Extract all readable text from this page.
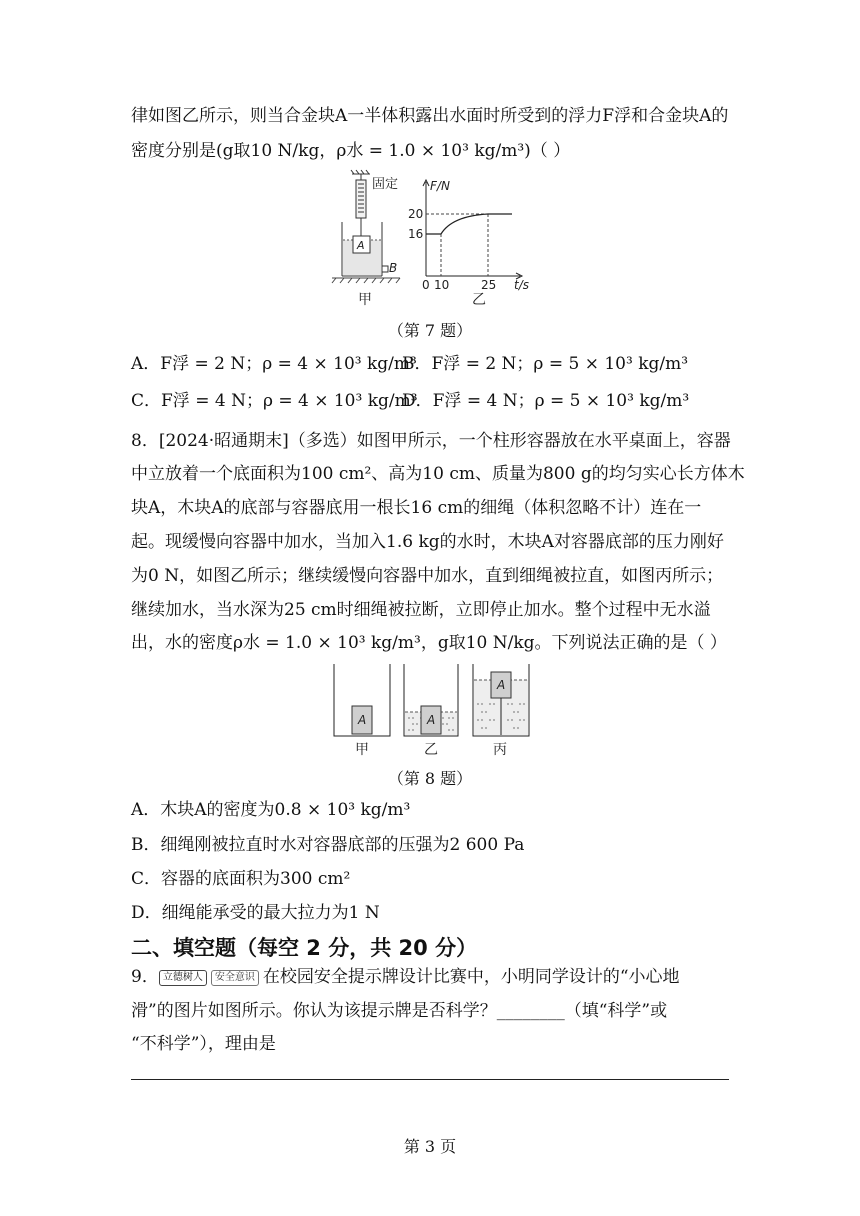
律如图乙所示，则当合金块A一半体积露出水面时所受到的浮力F浮和合金块A的
密度分别是(g取10 N/kg，ρ水 = 1.0 × 10³ kg/m³)（ ）
固定
A
B
甲
F/N
20
16
0 10	25 t/s
乙
（第 7 题）
A．F浮 = 2 N；ρ = 4 × 10³ kg/m³
B．F浮 = 2 N；ρ = 5 × 10³ kg/m³
C．F浮 = 4 N；ρ = 4 × 10³ kg/m³
D．F浮 = 4 N；ρ = 5 × 10³ kg/m³
8．[2024·昭通期末]（多选）如图甲所示，一个柱形容器放在水平桌面上，容器
中立放着一个底面积为100 cm²、高为10 cm、质量为800 g的均匀实心长方体木
块A，木块A的底部与容器底用一根长16 cm的细绳（体积忽略不计）连在一
起。现缓慢向容器中加水，当加入1.6 kg的水时，木块A对容器底部的压力刚好
为0 N，如图乙所示；继续缓慢向容器中加水，直到细绳被拉直，如图丙所示；
继续加水，当水深为25 cm时细绳被拉断，立即停止加水。整个过程中无水溢
出，水的密度ρ水 = 1.0 × 10³ kg/m³，g取10 N/kg。下列说法正确的是（ ）
A
甲
A
乙
A
丙
（第 8 题）
A．木块A的密度为0.8 × 10³ kg/m³
B．细绳刚被拉直时水对容器底部的压强为2 600 Pa
C．容器的底面积为300 cm²
D．细绳能承受的最大拉力为1 N
二、填空题（每空 2 分，共 20 分）
9． 立德树人 安全意识 在校园安全提示牌设计比赛中，小明同学设计的“小心地
滑”的图片如图所示。你认为该提示牌是否科学？________（填“科学”或
“不科学”），理由是
第 3 页
